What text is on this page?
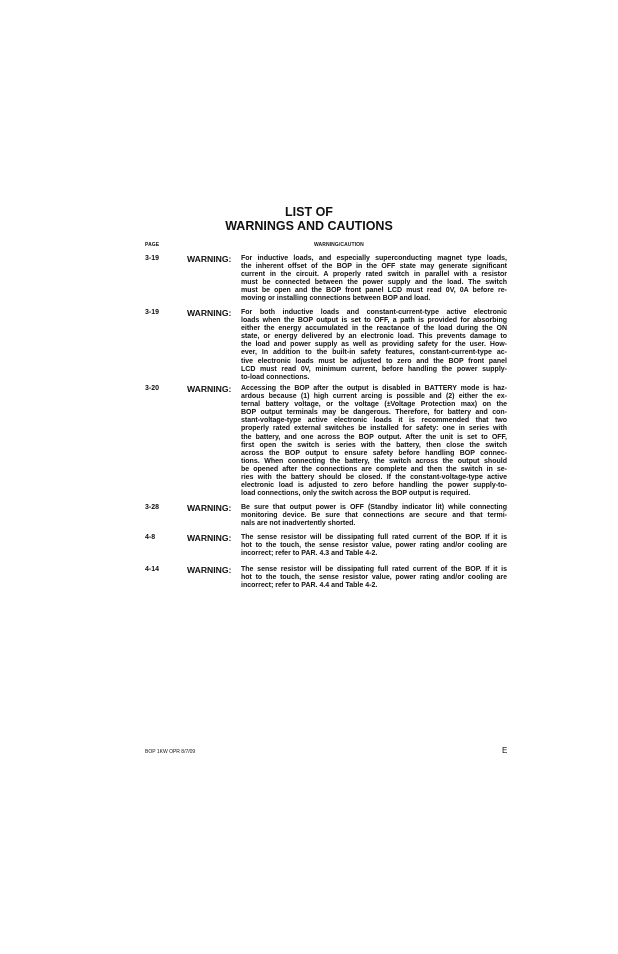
LIST OF
WARNINGS AND CAUTIONS
PAGE	WARNING/CAUTION
3-19	WARNING: For inductive loads, and especially superconducting magnet type loads,
the inherent offset of the BOP in the OFF state may generate significant
current in the circuit. A properly rated switch in parallel with a resistor
must be connected between the power supply and the load. The switch
must be open and the BOP front panel LCD must read 0V, 0A before re-
moving or installing connections between BOP and load.
3-19	WARNING: For both inductive loads and constant-current-type active electronic
loads when the BOP output is set to OFF, a path is provided for absorbing
either the energy accumulated in the reactance of the load during the ON
state, or energy delivered by an electronic load. This prevents damage to
the load and power supply as well as providing safety for the user. How-
ever, In addition to the built-in safety features, constant-current-type ac-
tive electronic loads must be adjusted to zero and the BOP front panel
LCD must read 0V, minimum current, before handling the power supply-
to-load connections.
3-20	WARNING: Accessing the BOP after the output is disabled in BATTERY mode is haz-
ardous because (1) high current arcing is possible and (2) either the ex-
ternal battery voltage, or the voltage (±Voltage Protection max) on the
BOP output terminals may be dangerous. Therefore, for battery and con-
stant-voltage-type active electronic loads it is recommended that two
properly rated external switches be installed for safety: one in series with
the battery, and one across the BOP output. After the unit is set to OFF,
first open the switch is series with the battery, then close the switch
across the BOP output to ensure safety before handling BOP connec-
tions. When connecting the battery, the switch across the output should
be opened after the connections are complete and then the switch in se-
ries with the battery should be closed. If the constant-voltage-type active
electronic load is adjusted to zero before handling the power supply-to-
load connections, only the switch across the BOP output is required.
3-28	WARNING: Be sure that output power is OFF (Standby indicator lit) while connecting
monitoring device. Be sure that connections are secure and that termi-
nals are not inadvertently shorted.
4-8	WARNING: The sense resistor will be dissipating full rated current of the BOP. If it is
hot to the touch, the sense resistor value, power rating and/or cooling are
incorrect; refer to PAR. 4.3 and Table 4-2.
4-14	WARNING: The sense resistor will be dissipating full rated current of the BOP. If it is
hot to the touch, the sense resistor value, power rating and/or cooling are
incorrect; refer to PAR. 4.4 and Table 4-2.
BOP 1KW OPR 8/7/09	E
